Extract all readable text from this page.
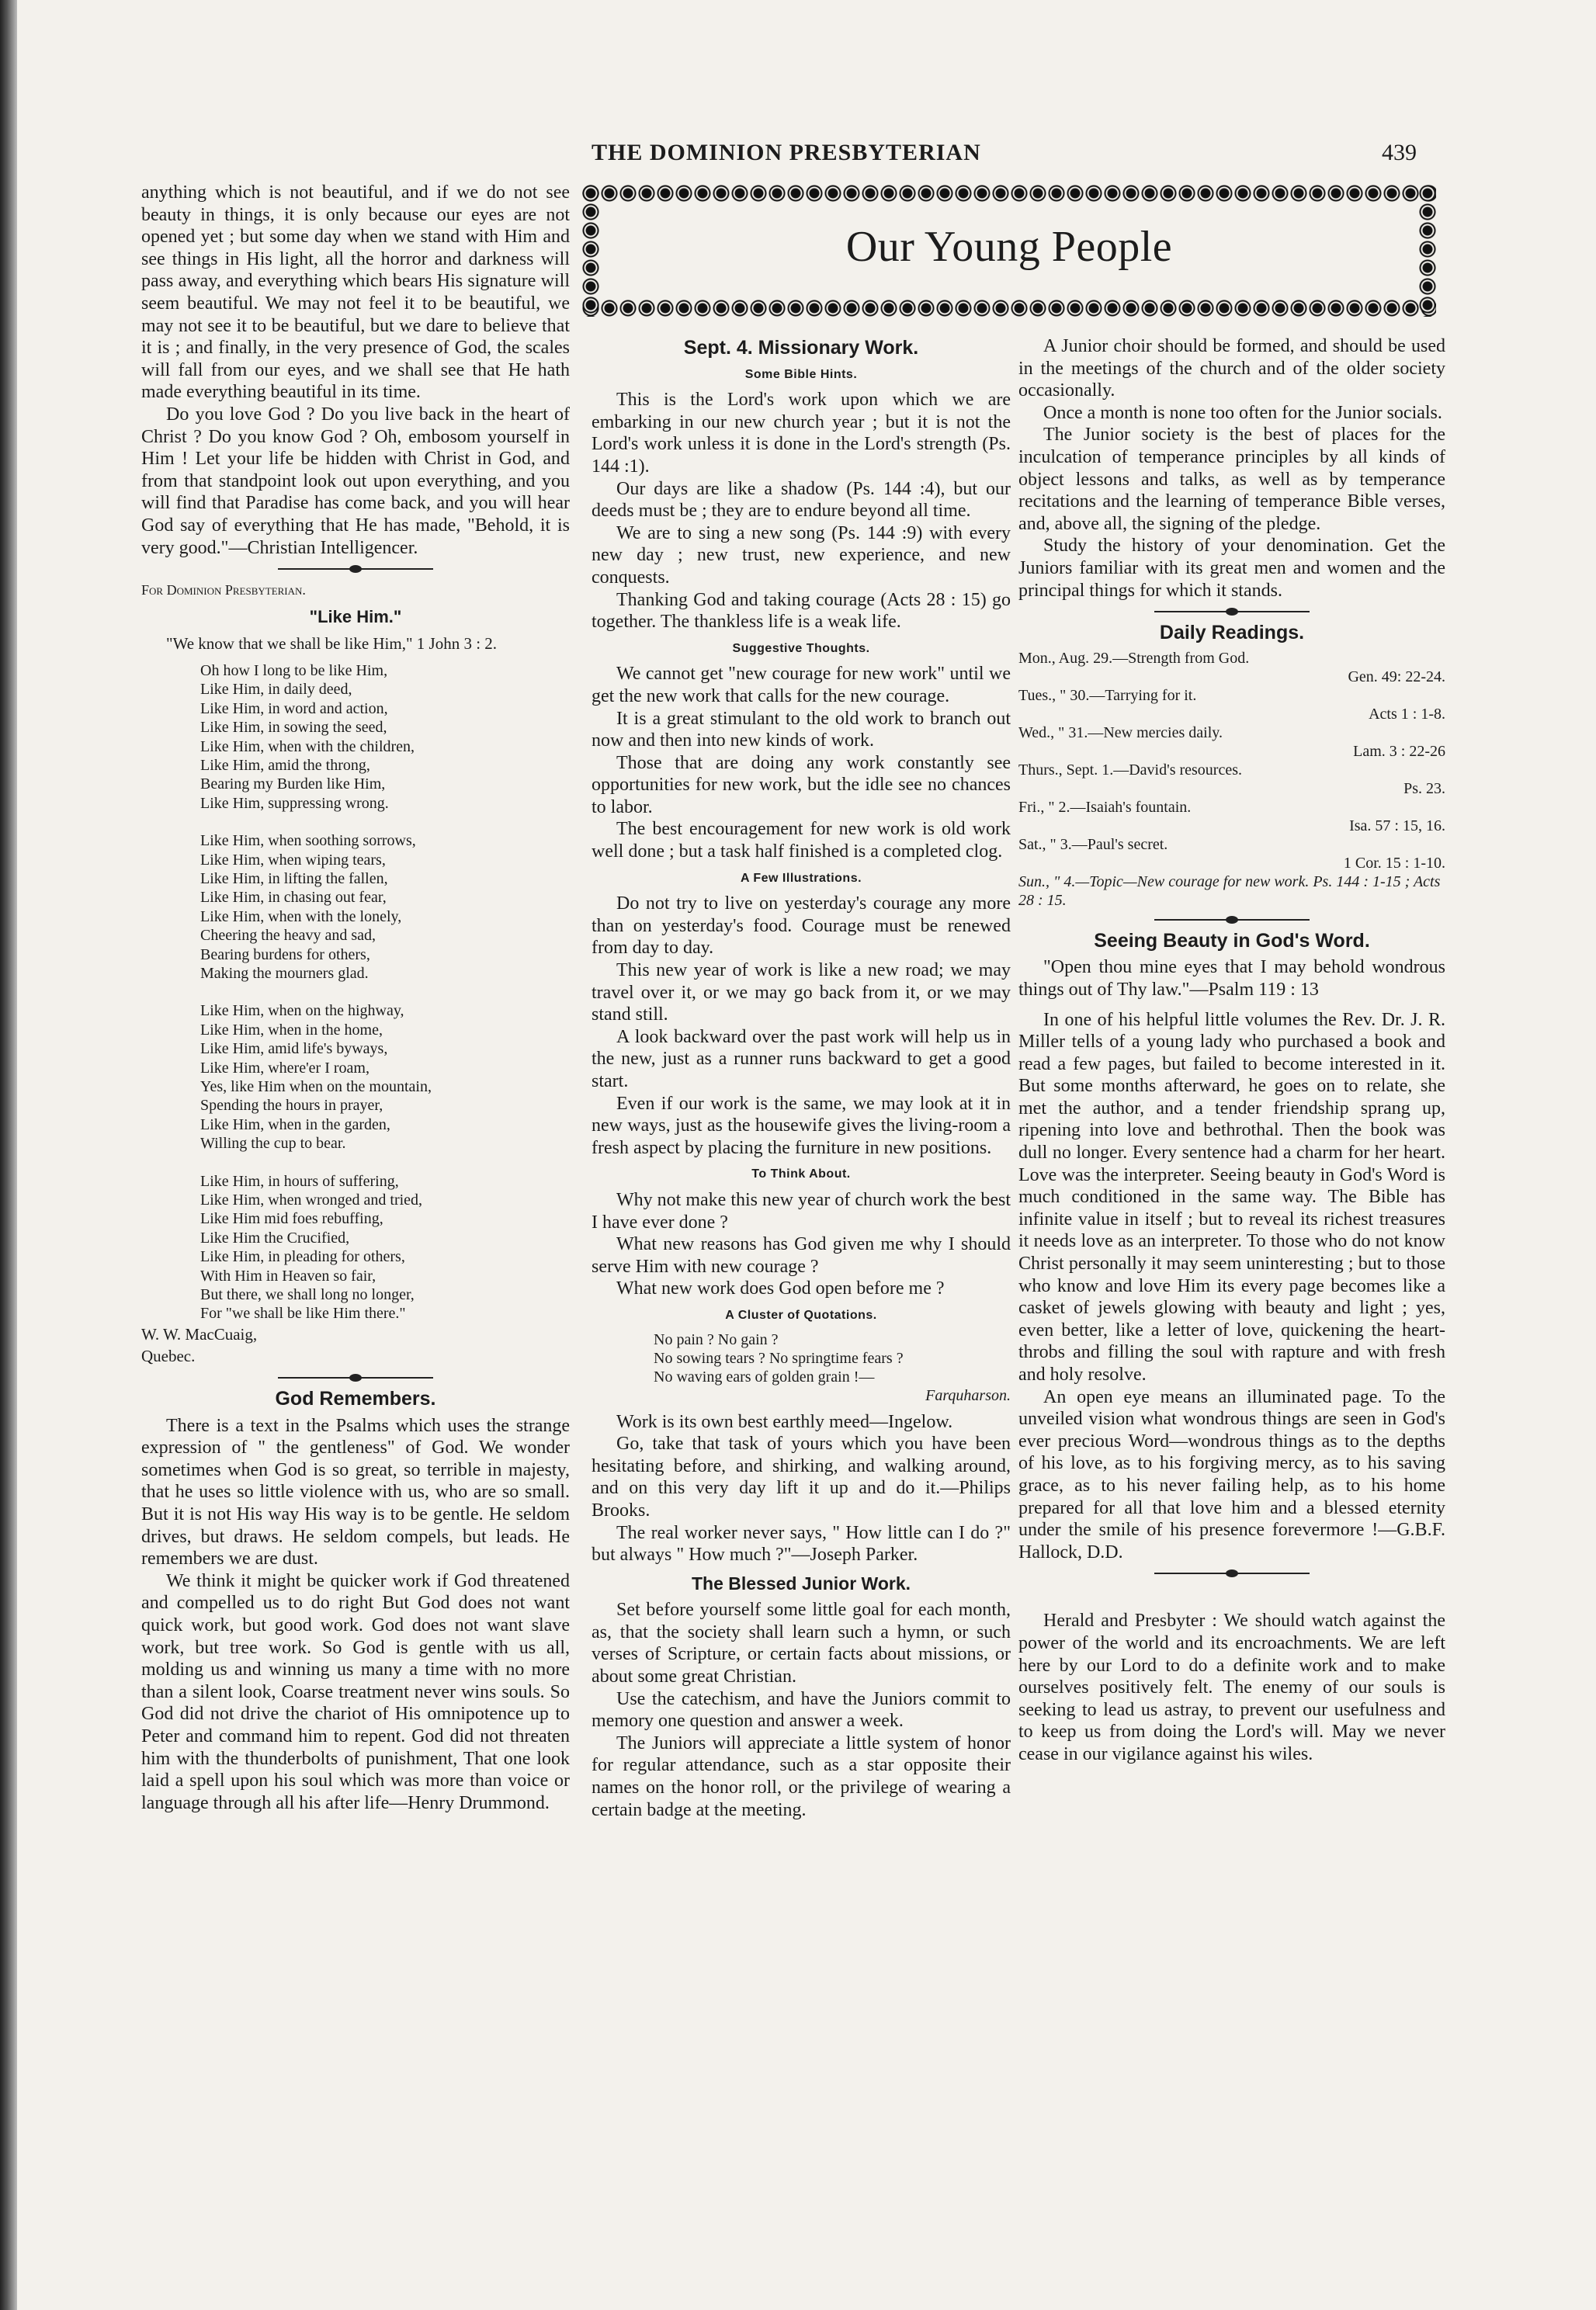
THE DOMINION PRESBYTERIAN	439
Our Young People

anything which is not beautiful, and if we do not see beauty in things, it is only because our eyes are not opened yet ; but some day when we stand with Him and see things in His light, all the horror and darkness will pass away, and everything which bears His signature will seem beautiful. We may not feel it to be beautiful, we may not see it to be beautiful, but we dare to believe that it is ; and finally, in the very presence of God, the scales will fall from our eyes, and we shall see that He hath made everything beautiful in its time.

Do you love God ? Do you live back in the heart of Christ ? Do you know God ? Oh, embosom yourself in Him ! Let your life be hidden with Christ in God, and from that standpoint look out upon everything, and you will find that Paradise has come back, and you will hear God say of everything that He has made, "Behold, it is very good."—Christian Intelligencer.

For Dominion Presbyterian.

"Like Him."

"We know that we shall be like Him," 1 John 3 : 2.

Oh how I long to be like Him,
Like Him, in daily deed,
Like Him, in word and action,
Like Him, in sowing the seed,
Like Him, when with the children,
Like Him, amid the throng,
Bearing my Burden like Him,
Like Him, suppressing wrong.
Like Him, when soothing sorrows,
Like Him, when wiping tears,
Like Him, in lifting the fallen,
Like Him, in chasing out fear,
Like Him, when with the lonely,
Cheering the heavy and sad,
Bearing burdens for others,
Making the mourners glad.
Like Him, when on the highway,
Like Him, when in the home,
Like Him, amid life's byways,
Like Him, where'er I roam,
Yes, like Him when on the mountain,
Spending the hours in prayer,
Like Him, when in the garden,
Willing the cup to bear.
Like Him, in hours of suffering,
Like Him, when wronged and tried,
Like Him mid foes rebuffing,
Like Him the Crucified,
Like Him, in pleading for others,
With Him in Heaven so fair,
But there, we shall long no longer,
For "we shall be like Him there."

W. W. MacCuaig,

Quebec.

God Remembers.

There is a text in the Psalms which uses the strange expression of " the gentleness" of God. We wonder sometimes when God is so great, so terrible in majesty, that he uses so little violence with us, who are so small. But it is not His way His way is to be gentle. He seldom drives, but draws. He seldom compels, but leads. He remembers we are dust.

We think it might be quicker work if God threatened and compelled us to do right But God does not want quick work, but good work. God does not want slave work, but tree work. So God is gentle with us all, molding us and winning us many a time with no more than a silent look, Coarse treatment never wins souls. So God did not drive the chariot of His omnipotence up to Peter and command him to repent. God did not threaten him with the thunderbolts of punishment, That one look laid a spell upon his soul which was more than voice or language through all his after life—Henry Drummond.

Sept. 4. Missionary Work.
Some Bible Hints.

This is the Lord's work upon which we are embarking in our new church year ; but it is not the Lord's work unless it is done in the Lord's strength (Ps. 144 :1).

Our days are like a shadow (Ps. 144 :4), but our deeds must be ; they are to endure beyond all time.

We are to sing a new song (Ps. 144 :9) with every new day ; new trust, new experience, and new conquests.

Thanking God and taking courage (Acts 28 : 15) go together. The thankless life is a weak life.

Suggestive Thoughts.

We cannot get "new courage for new work" until we get the new work that calls for the new courage.

It is a great stimulant to the old work to branch out now and then into new kinds of work.

Those that are doing any work constantly see opportunities for new work, but the idle see no chances to labor.

The best encouragement for new work is old work well done ; but a task half finished is a completed clog.

A Few Illustrations.

Do not try to live on yesterday's courage any more than on yesterday's food. Courage must be renewed from day to day.

This new year of work is like a new road; we may travel over it, or we may go back from it, or we may stand still.

A look backward over the past work will help us in the new, just as a runner runs backward to get a good start.

Even if our work is the same, we may look at it in new ways, just as the housewife gives the living-room a fresh aspect by placing the furniture in new positions.

To Think About.

Why not make this new year of church work the best I have ever done ?

What new reasons has God given me why I should serve Him with new courage ?

What new work does God open before me ?

A Cluster of Quotations.
No pain ? No gain ?
No sowing tears ? No springtime fears ?
No waving ears of golden grain !—
Farquharson.

Work is its own best earthly meed—Ingelow.

Go, take that task of yours which you have been hesitating before, and shirking, and walking around, and on this very day lift it up and do it.—Philips Brooks.

The real worker never says, " How little can I do ?" but always " How much ?"—Joseph Parker.

The Blessed Junior Work.

Set before yourself some little goal for each month, as, that the society shall learn such a hymn, or such verses of Scripture, or certain facts about missions, or about some great Christian.

Use the catechism, and have the Juniors commit to memory one question and answer a week.

The Juniors will appreciate a little system of honor for regular attendance, such as a star opposite their names on the honor roll, or the privilege of wearing a certain badge at the meeting.

A Junior choir should be formed, and should be used in the meetings of the church and of the older society occasionally.

Once a month is none too often for the Junior socials.

The Junior society is the best of places for the inculcation of temperance principles by all kinds of object lessons and talks, as well as by temperance recitations and the learning of temperance Bible verses, and, above all, the signing of the pledge.

Study the history of your denomination. Get the Juniors familiar with its great men and women and the principal things for which it stands.

Daily Readings.
Mon., Aug. 29.—Strength from God.
Gen. 49: 22-24.
Tues., " 30.—Tarrying for it.
Acts 1 : 1-8.
Wed., " 31.—New mercies daily.
Lam. 3 : 22-26
Thurs., Sept. 1.—David's resources.
Ps. 23.
Fri., " 2.—Isaiah's fountain.
Isa. 57 : 15, 16.
Sat., " 3.—Paul's secret.
1 Cor. 15 : 1-10.
Sun., " 4.—Topic—New courage for new work. Ps. 144 : 1-15 ; Acts 28 : 15.
Seeing Beauty in God's Word.

"Open thou mine eyes that I may behold wondrous things out of Thy law."—Psalm 119 : 13

In one of his helpful little volumes the Rev. Dr. J. R. Miller tells of a young lady who purchased a book and read a few pages, but failed to become interested in it. But some months afterward, he goes on to relate, she met the author, and a tender friendship sprang up, ripening into love and bethrothal. Then the book was dull no longer. Every sentence had a charm for her heart. Love was the interpreter. Seeing beauty in God's Word is much conditioned in the same way. The Bible has infinite value in itself ; but to reveal its richest treasures it needs love as an interpreter. To those who do not know Christ personally it may seem uninteresting ; but to those who know and love Him its every page becomes like a casket of jewels glowing with beauty and light ; yes, even better, like a letter of love, quickening the heart-throbs and filling the soul with rapture and with fresh and holy resolve.

An open eye means an illuminated page. To the unveiled vision what wondrous things are seen in God's ever precious Word—wondrous things as to the depths of his love, as to his forgiving mercy, as to his saving grace, as to his never failing help, as to his home prepared for all that love him and a blessed eternity under the smile of his presence forevermore !—G.B.F. Hallock, D.D.

Herald and Presbyter : We should watch against the power of the world and its encroachments. We are left here by our Lord to do a definite work and to make ourselves positively felt. The enemy of our souls is seeking to lead us astray, to prevent our usefulness and to keep us from doing the Lord's will. May we never cease in our vigilance against his wiles.
